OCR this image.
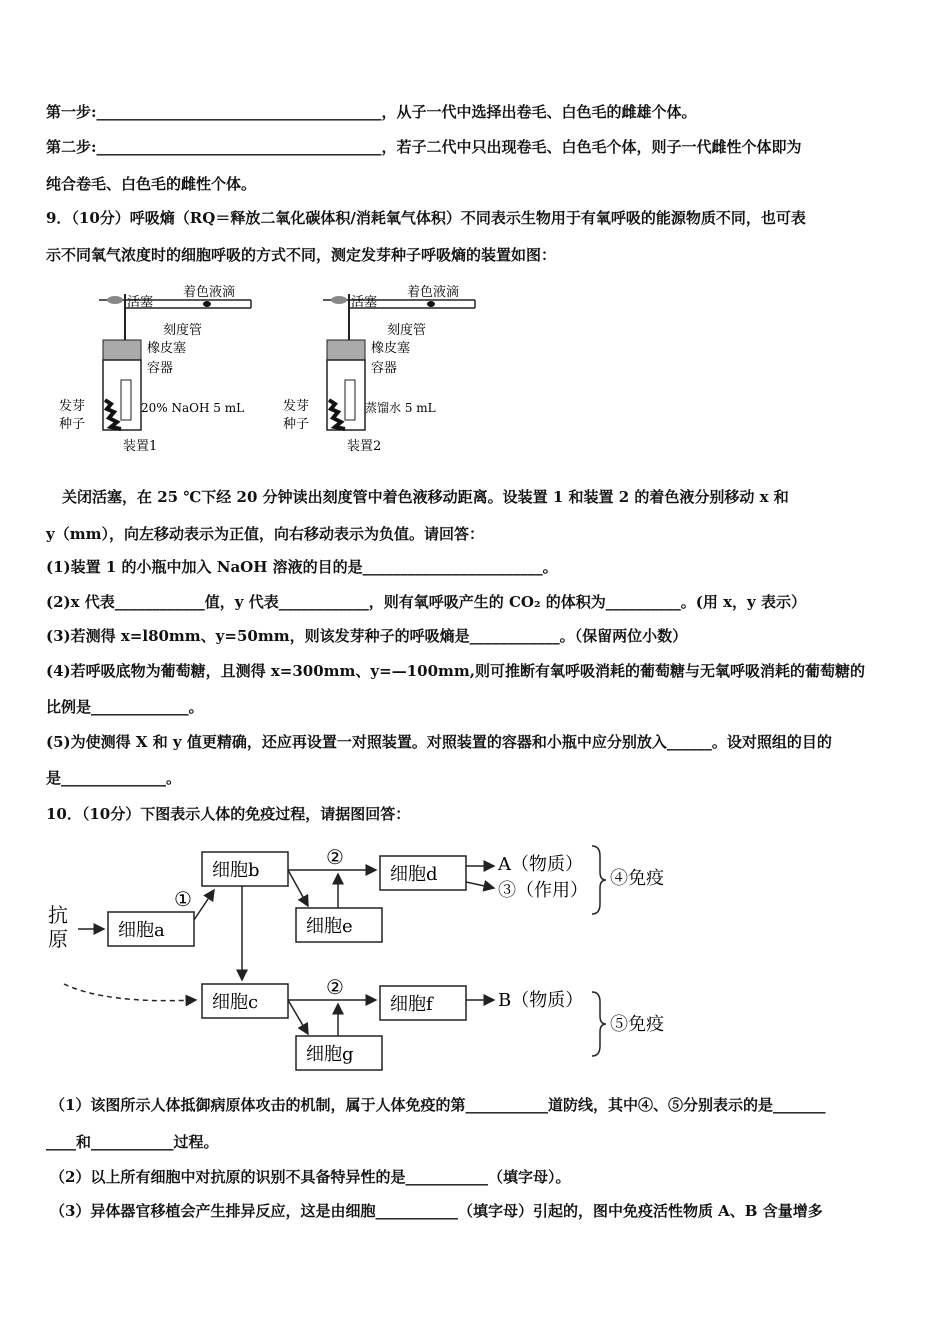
第一步:______________________________________，从子一代中选择出卷毛、白色毛的雌雄个体。
第二步:______________________________________，若子二代中只出现卷毛、白色毛个体，则子一代雌性个体即为
纯合卷毛、白色毛的雌性个体。
9．（10分）呼吸熵（RQ＝释放二氧化碳体积/消耗氧气体积）不同表示生物用于有氧呼吸的能源物质不同，也可表
示不同氧气浓度时的细胞呼吸的方式不同，测定发芽种子呼吸熵的装置如图：
活塞
着色液滴
刻度管
橡皮塞
容器
20% NaOH 5 mL
发芽
种子
装置1
活塞
着色液滴
刻度管
橡皮塞
容器
蒸馏水 5 mL
发芽
种子
装置2
关闭活塞，在 25 ℃下经 20 分钟读出刻度管中着色液移动距离。设装置 1 和装置 2 的着色液分别移动 x 和
y（mm），向左移动表示为正值，向右移动表示为负值。请回答：
(1)装置 1 的小瓶中加入 NaOH 溶液的目的是________________________。
(2)x 代表____________值，y 代表____________，则有氧呼吸产生的 CO₂ 的体积为__________。(用 x，y 表示）
(3)若测得 x=l80mm、y=50mm，则该发芽种子的呼吸熵是____________。（保留两位小数）
(4)若呼吸底物为葡萄糖，且测得 x=300mm、y=—100mm,则可推断有氧呼吸消耗的葡萄糖与无氧呼吸消耗的葡萄糖的
比例是_____________。
(5)为使测得 X 和 y 值更精确，还应再设置一对照装置。对照装置的容器和小瓶中应分别放入______。设对照组的目的
是______________。
10．（10分）下图表示人体的免疫过程，请据图回答：
抗
原	细胞a
细胞b
细胞e
细胞d
细胞c	细胞f
细胞g
①
②
②
A（物质）
③（作用）
B（物质）
④免疫
⑤免疫
（1）该图所示人体抵御病原体攻击的机制，属于人体免疫的第___________道防线，其中④、⑤分别表示的是_______
____和___________过程。
（2）以上所有细胞中对抗原的识别不具备特异性的是___________（填字母）。
（3）异体器官移植会产生排异反应，这是由细胞___________（填字母）引起的，图中免疫活性物质 A、B 含量增多
